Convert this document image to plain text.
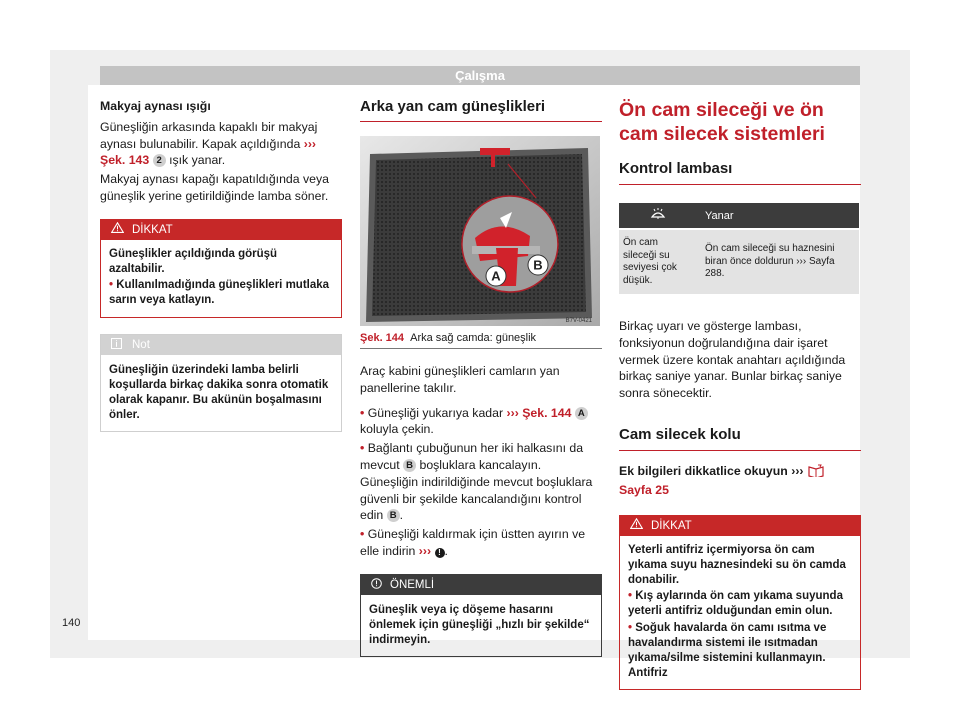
Çalışma

Makyaj aynası ışığı

Güneşliğin arkasında kapaklı bir makyaj aynası bulunabilir. Kapak açıldığında ››› Şek. 143 2 ışık yanar.

Makyaj aynası kapağı kapatıldığında veya güneşlik yerine getirildiğinde lamba söner.

DİKKAT

Güneşlikler açıldığında görüşü azaltabilir.

• Kullanılmadığında güneşlikleri mutlaka sarın veya katlayın.

Not
Güneşliğin üzerindeki lamba belirli koşullarda birkaç dakika sonra otomatik olarak kapanır. Bu akünün boşalmasını önler.
Arka yan cam güneşlikleri
A
B
B7V-0421
Şek. 144 Arka sağ camda: güneşlik

Araç kabini güneşlikleri camların yan panellerine takılır.

• Güneşliği yukarıya kadar ››› Şek. 144 A koluyla çekin.

• Bağlantı çubuğunun her iki halkasını da mevcut B boşluklara kancalayın. Güneşliğin indirildiğinde mevcut boşluklara güvenli bir şekilde kancalandığını kontrol edin B .

• Güneşliği kaldırmak için üstten ayırın ve elle indirin ››› ! .

ÖNEMLİ
Güneşlik veya iç döşeme hasarını önlemek için güneşliği „hızlı bir şekilde“ indirmeyin.
Ön cam sileceği ve ön cam silecek sistemleri
Kontrol lambası
	Yanar
Ön cam sileceği su seviyesi çok düşük.	Ön cam sileceği su haznesini biran önce doldurun ››› Sayfa 288.

Birkaç uyarı ve gösterge lambası, fonksiyonun doğrulandığına dair işaret vermek üzere kontak anahtarı açıldığında birkaç saniye yanar. Bunlar birkaç saniye sonra sönecektir.

Cam silecek kolu

Ek bilgileri dikkatlice okuyun ›››  Sayfa 25

DİKKAT

Yeterli antifriz içermiyorsa ön cam yıkama suyu haznesindeki su ön camda donabilir.

• Kış aylarında ön cam yıkama suyunda yeterli antifriz olduğundan emin olun.

• Soğuk havalarda ön camı ısıtma ve havalandırma sistemi ile ısıtmadan yıkama/silme sistemini kullanmayın. Antifriz

140
